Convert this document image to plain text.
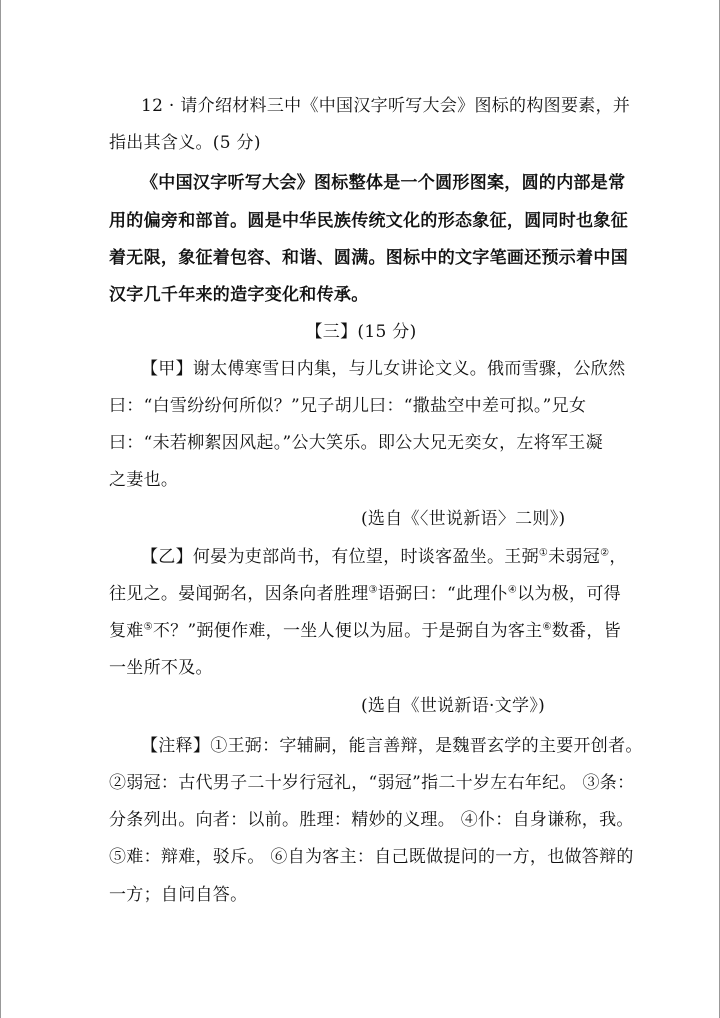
12 · 请介绍材料三中《中国汉字听写大会》图标的构图要素，并
指出其含义。(5 分)
《中国汉字听写大会》图标整体是一个圆形图案，圆的内部是常
用的偏旁和部首。圆是中华民族传统文化的形态象征，圆同时也象征
着无限，象征着包容、和谐、圆满。图标中的文字笔画还预示着中国
汉字几千年来的造字变化和传承。
【三】(15 分)
【甲】谢太傅寒雪日内集，与儿女讲论文义。俄而雪骤，公欣然
曰：“白雪纷纷何所似？”兄子胡儿曰：“撒盐空中差可拟。”兄女
曰：“未若柳絮因风起。”公大笑乐。即公大兄无奕女，左将军王凝
之妻也。
(选自《〈世说新语〉二则》)
【乙】何晏为吏部尚书，有位望，时谈客盈坐。王弼①未弱冠②，
往见之。晏闻弼名，因条向者胜理③语弼曰：“此理仆④以为极，可得
复难⑤不？”弼便作难，一坐人便以为屈。于是弼自为客主⑥数番，皆
一坐所不及。
(选自《世说新语·文学》)
【注释】①王弼：字辅嗣，能言善辩，是魏晋玄学的主要开创者。
②弱冠：古代男子二十岁行冠礼，“弱冠”指二十岁左右年纪。 ③条：
分条列出。向者：以前。胜理：精妙的义理。 ④仆：自身谦称，我。
⑤难：辩难，驳斥。 ⑥自为客主：自己既做提问的一方，也做答辩的
一方；自问自答。
